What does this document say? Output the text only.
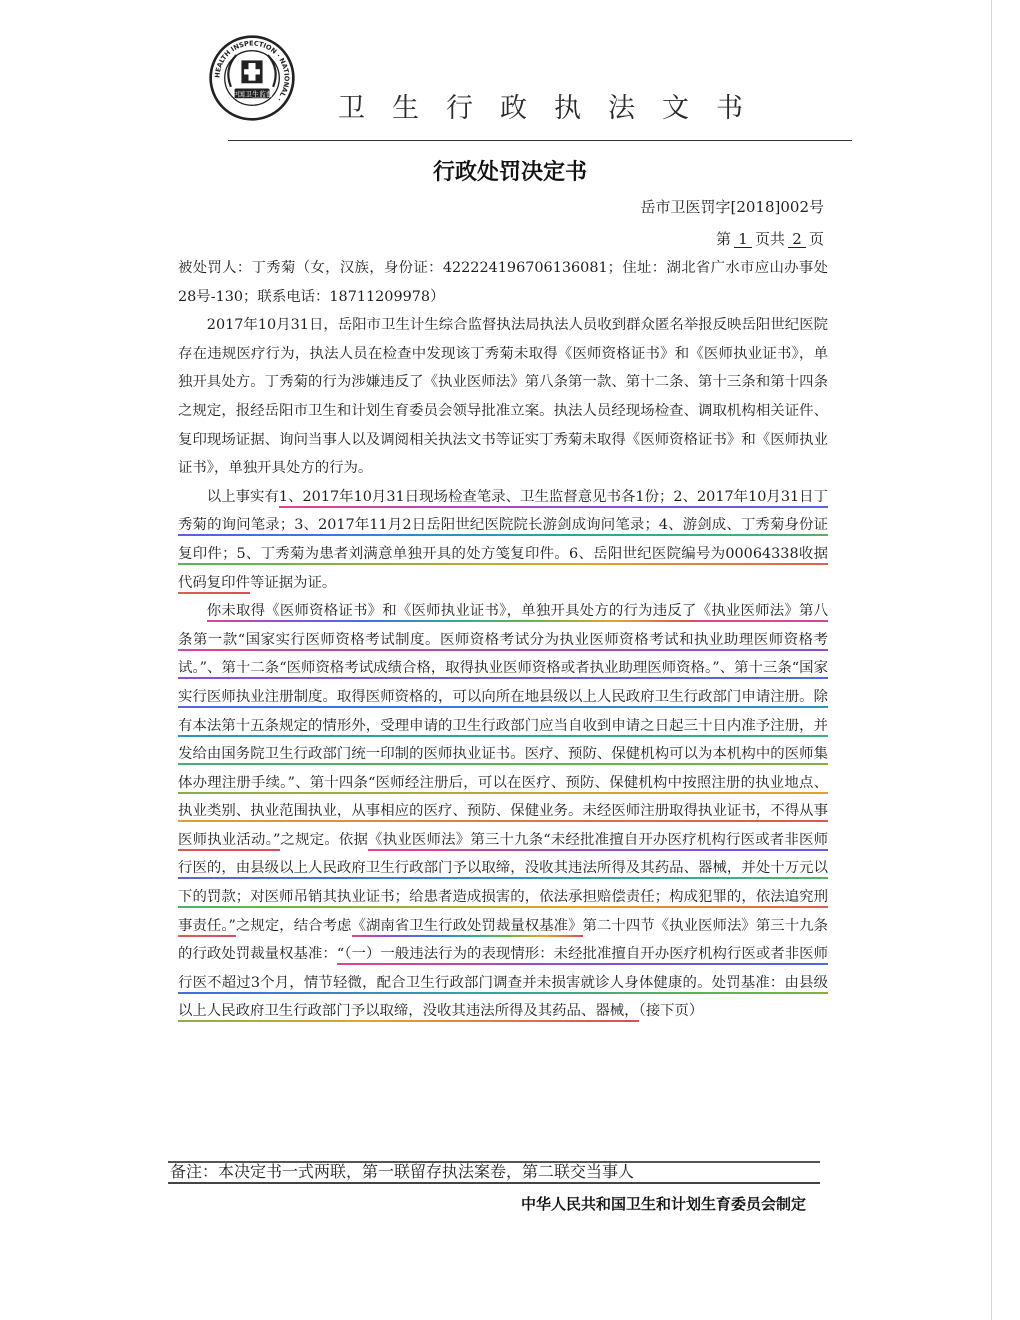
HEALTH INSPECTION · NATIONAL ·
中国卫生监督 卫生行政执法文书
行政处罚决定书
岳市卫医罚字[2018]002号
第 1 页共 2 页

被处罚人：丁秀菊（女，汉族，身份证：422224196706136081；住址：湖北省广水市应山办事处28号-130；联系电话：18711209978）

2017年10月31日，岳阳市卫生计生综合监督执法局执法人员收到群众匿名举报反映岳阳世纪医院存在违规医疗行为，执法人员在检查中发现该丁秀菊未取得《医师资格证书》和《医师执业证书》，单独开具处方。丁秀菊的行为涉嫌违反了《执业医师法》第八条第一款、第十二条、第十三条和第十四条之规定，报经岳阳市卫生和计划生育委员会领导批准立案。执法人员经现场检查、调取机构相关证件、复印现场证据、询问当事人以及调阅相关执法文书等证实丁秀菊未取得《医师资格证书》和《医师执业证书》，单独开具处方的行为。

以上事实有1、2017年10月31日现场检查笔录、卫生监督意见书各1份；2、2017年10月31日丁秀菊的询问笔录；3、2017年11月2日岳阳世纪医院院长游剑成询问笔录；4、游剑成、丁秀菊身份证复印件；5、丁秀菊为患者刘满意单独开具的处方笺复印件。6、岳阳世纪医院编号为00064338收据代码复印件等证据为证。

你未取得《医师资格证书》和《医师执业证书》，单独开具处方的行为违反了《执业医师法》第八条第一款“国家实行医师资格考试制度。医师资格考试分为执业医师资格考试和执业助理医师资格考试。”、第十二条“医师资格考试成绩合格，取得执业医师资格或者执业助理医师资格。”、第十三条“国家实行医师执业注册制度。取得医师资格的，可以向所在地县级以上人民政府卫生行政部门申请注册。除有本法第十五条规定的情形外，受理申请的卫生行政部门应当自收到申请之日起三十日内准予注册，并发给由国务院卫生行政部门统一印制的医师执业证书。医疗、预防、保健机构可以为本机构中的医师集体办理注册手续。”、第十四条“医师经注册后，可以在医疗、预防、保健机构中按照注册的执业地点、执业类别、执业范围执业，从事相应的医疗、预防、保健业务。未经医师注册取得执业证书，不得从事医师执业活动。”之规定。依据《执业医师法》第三十九条“未经批准擅自开办医疗机构行医或者非医师行医的，由县级以上人民政府卫生行政部门予以取缔，没收其违法所得及其药品、器械，并处十万元以下的罚款；对医师吊销其执业证书；给患者造成损害的，依法承担赔偿责任；构成犯罪的，依法追究刑事责任。”之规定，结合考虑《湖南省卫生行政处罚裁量权基准》第二十四节《执业医师法》第三十九条的行政处罚裁量权基准：“（一）一般违法行为的表现情形：未经批准擅自开办医疗机构行医或者非医师行医不超过3个月，情节轻微，配合卫生行政部门调查并未损害就诊人身体健康的。处罚基准：由县级以上人民政府卫生行政部门予以取缔，没收其违法所得及其药品、器械，（接下页）

备注：本决定书一式两联，第一联留存执法案卷，第二联交当事人
中华人民共和国卫生和计划生育委员会制定
